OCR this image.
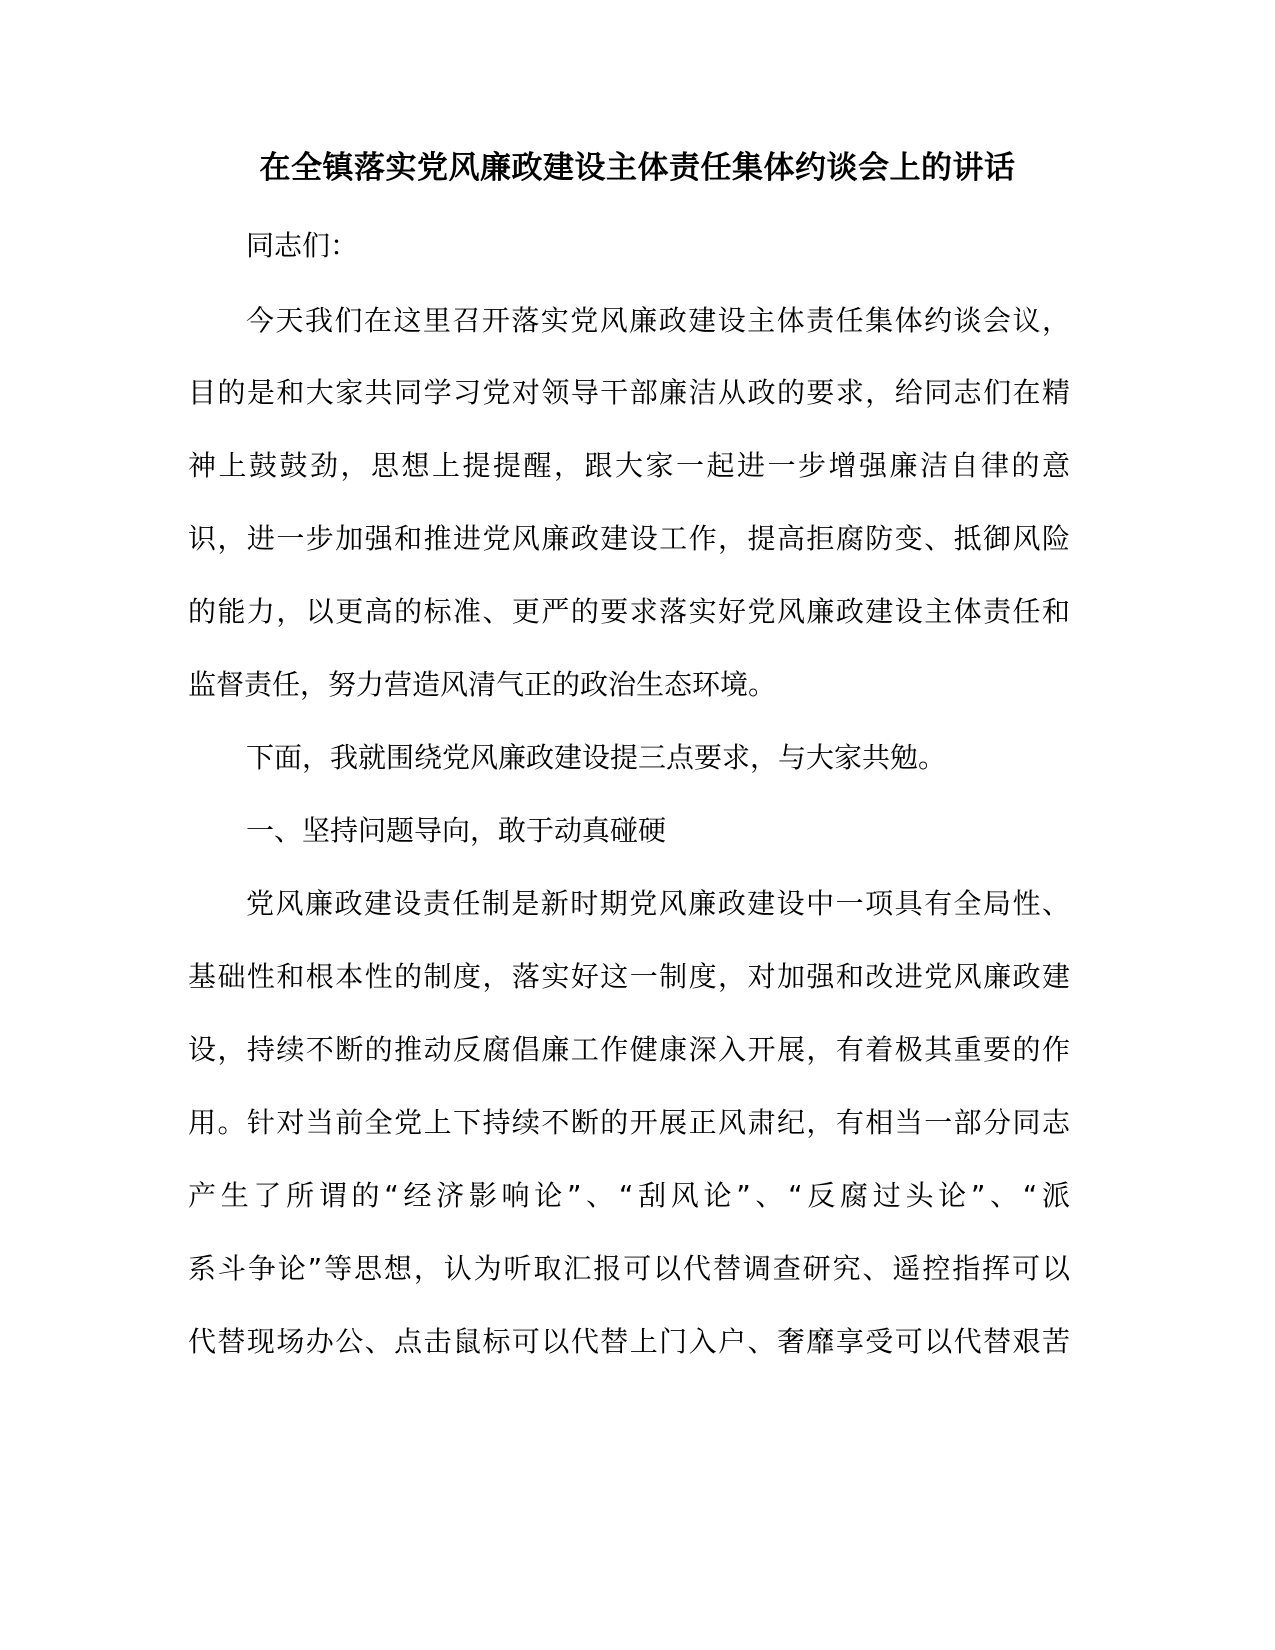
在全镇落实党风廉政建设主体责任集体约谈会上的讲话
同志们：
今天我们在这里召开落实党风廉政建设主体责任集体约谈会议，
目的是和大家共同学习党对领导干部廉洁从政的要求，给同志们在精
神上鼓鼓劲，思想上提提醒，跟大家一起进一步增强廉洁自律的意
识，进一步加强和推进党风廉政建设工作，提高拒腐防变、抵御风险
的能力，以更高的标准、更严的要求落实好党风廉政建设主体责任和
监督责任，努力营造风清气正的政治生态环境。
下面，我就围绕党风廉政建设提三点要求，与大家共勉。
一、坚持问题导向，敢于动真碰硬
党风廉政建设责任制是新时期党风廉政建设中一项具有全局性、
基础性和根本性的制度，落实好这一制度，对加强和改进党风廉政建
设，持续不断的推动反腐倡廉工作健康深入开展，有着极其重要的作
用。针对当前全党上下持续不断的开展正风肃纪，有相当一部分同志
产生了所谓的“经济影响论”、“刮风论”、“反腐过头论”、“派
系斗争论”等思想，认为听取汇报可以代替调查研究、遥控指挥可以
代替现场办公、点击鼠标可以代替上门入户、奢靡享受可以代替艰苦
